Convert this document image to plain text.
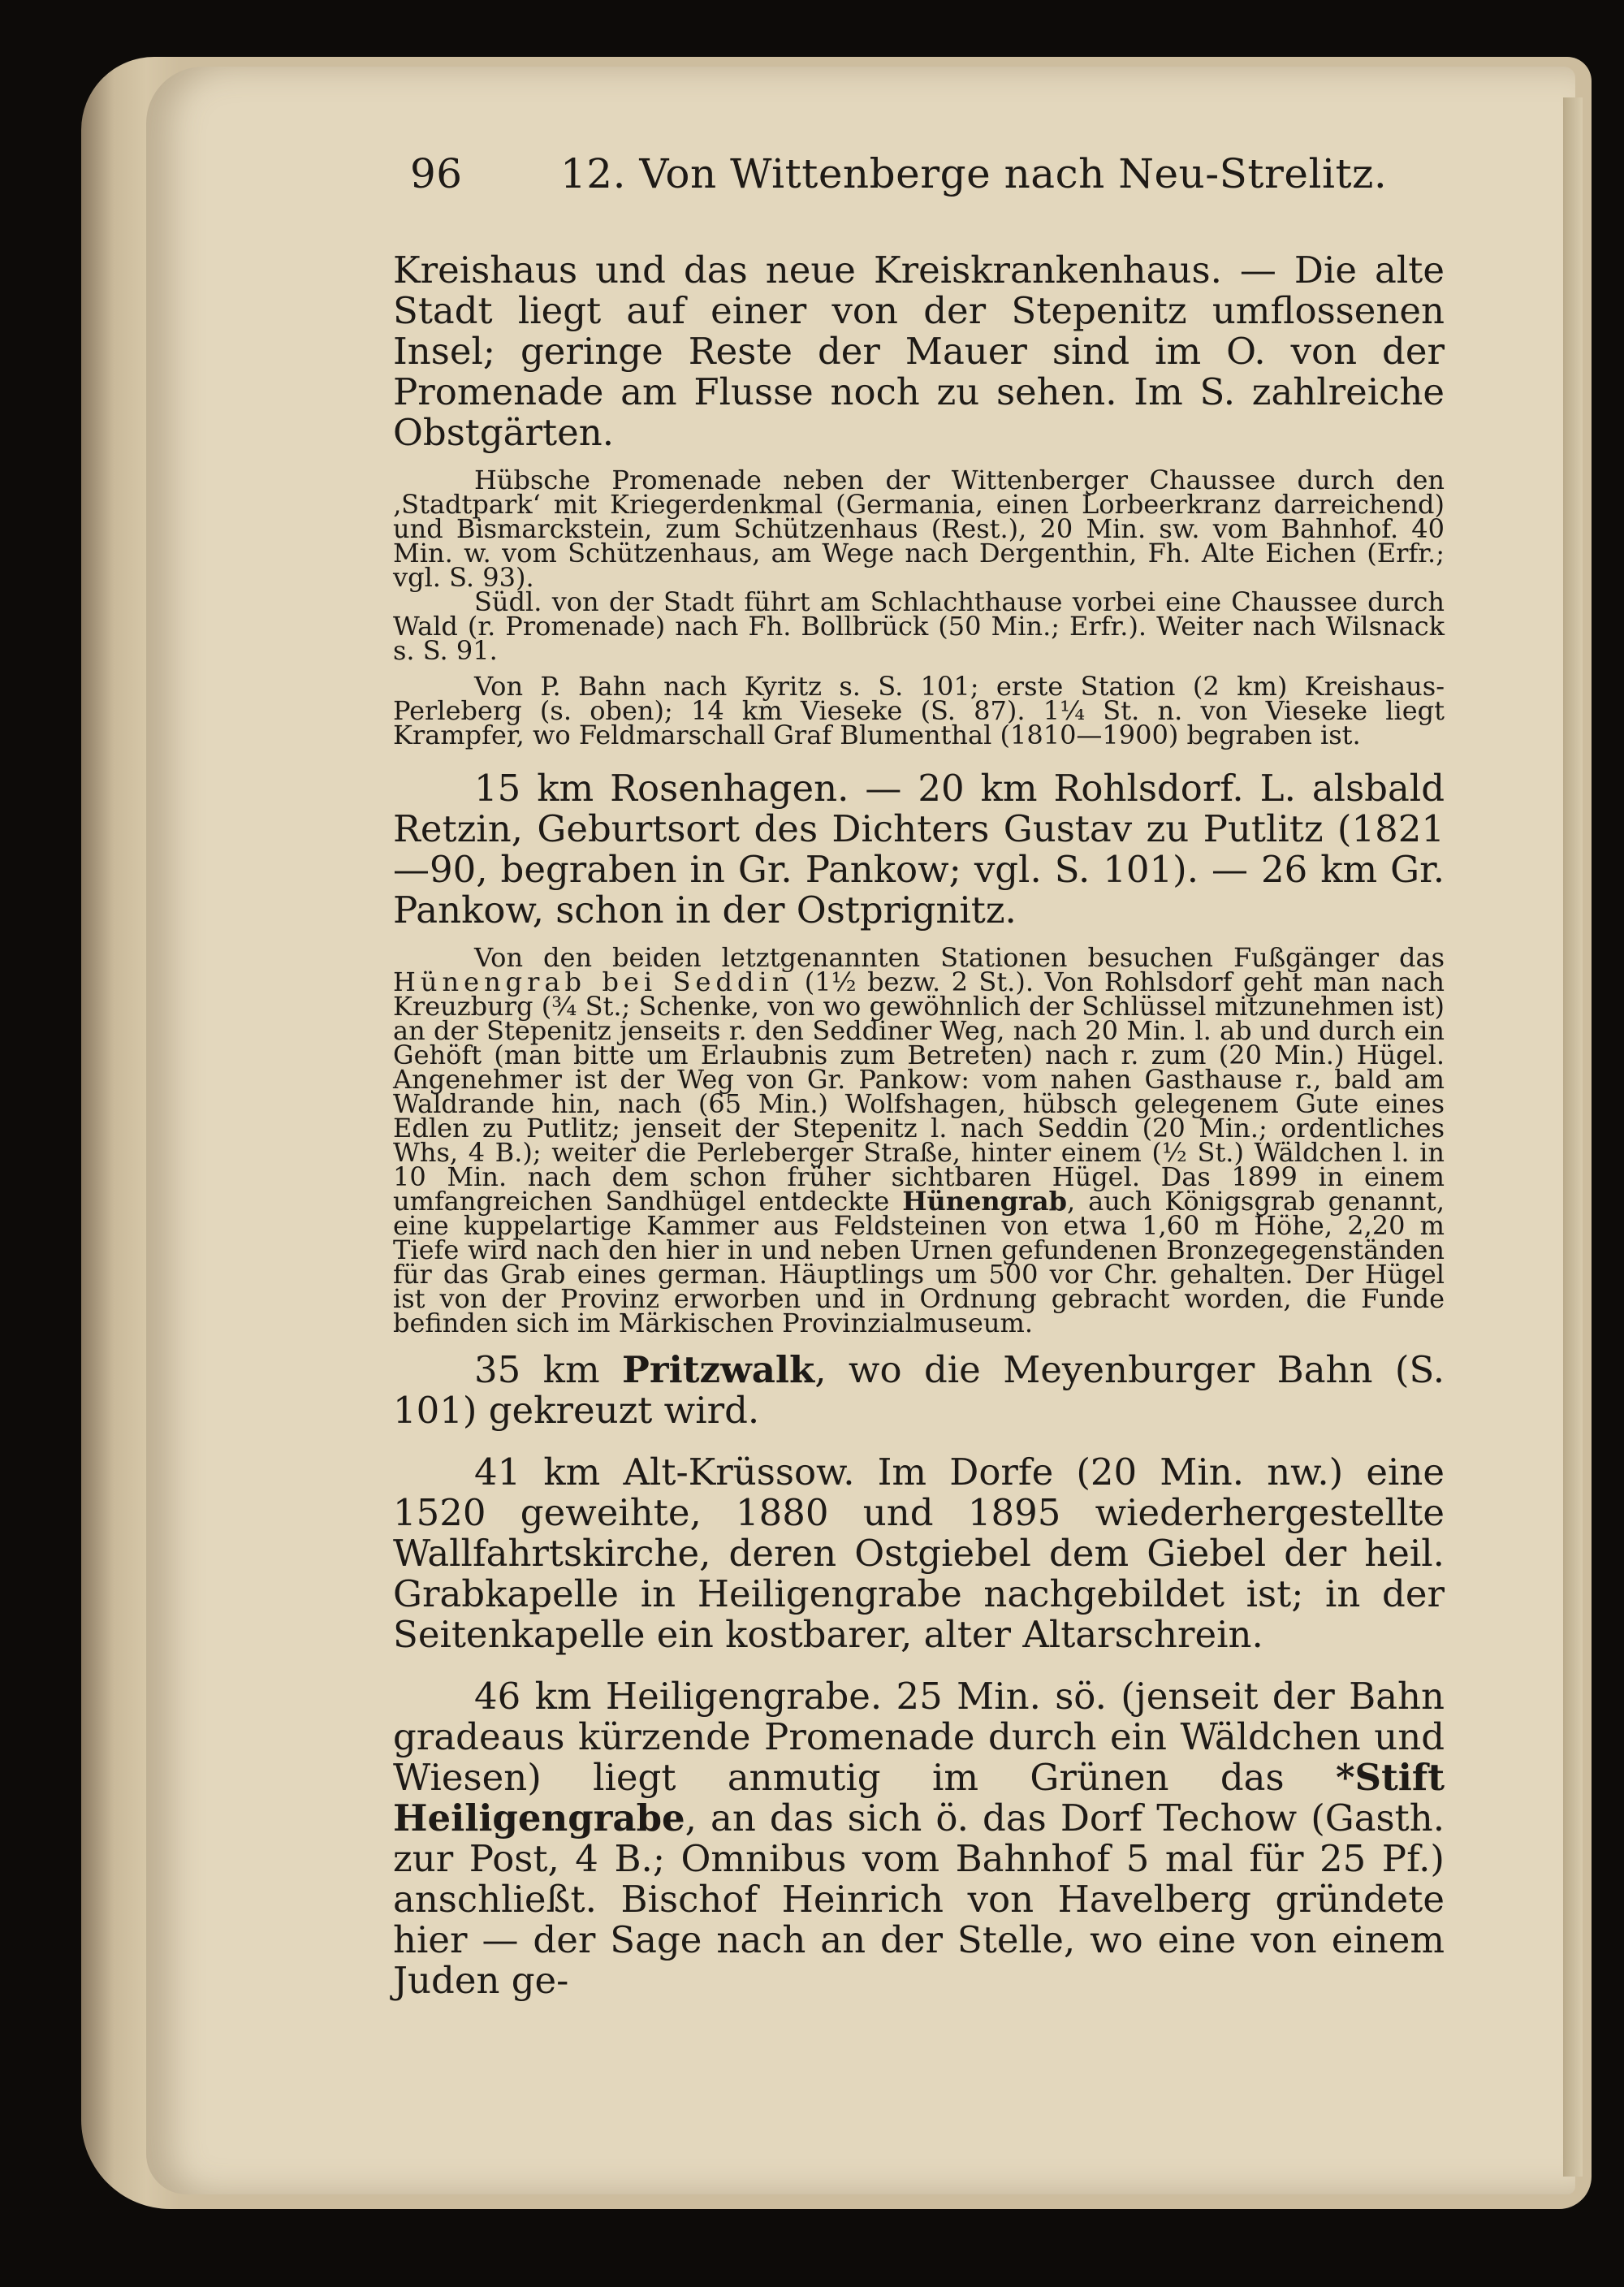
96 12. Von Wittenberge nach Neu-Strelitz.

Kreishaus und das neue Kreiskrankenhaus. — Die alte Stadt liegt auf einer von der Stepenitz umflossenen Insel; geringe Reste der Mauer sind im O. von der Promenade am Flusse noch zu sehen. Im S. zahlreiche Obstgärten.

Hübsche Promenade neben der Wittenberger Chaussee durch den ‚Stadtpark‘ mit Kriegerdenkmal (Germania, einen Lorbeerkranz darreichend) und Bismarckstein, zum Schützenhaus (Rest.), 20 Min. sw. vom Bahnhof. 40 Min. w. vom Schützenhaus, am Wege nach Dergenthin, Fh. Alte Eichen (Erfr.; vgl. S. 93).

Südl. von der Stadt führt am Schlachthause vorbei eine Chaussee durch Wald (r. Promenade) nach Fh. Bollbrück (50 Min.; Erfr.). Weiter nach Wilsnack s. S. 91.

Von P. Bahn nach Kyritz s. S. 101; erste Station (2 km) Kreishaus-Perleberg (s. oben); 14 km Vieseke (S. 87). 1¼ St. n. von Vieseke liegt Krampfer, wo Feldmarschall Graf Blumenthal (1810—1900) begraben ist.

15 km Rosenhagen. — 20 km Rohlsdorf. L. alsbald Retzin, Geburtsort des Dichters Gustav zu Putlitz (1821—90, begraben in Gr. Pankow; vgl. S. 101). — 26 km Gr. Pankow, schon in der Ostprignitz.

Von den beiden letztgenannten Stationen besuchen Fußgänger das Hünengrab bei Seddin (1½ bezw. 2 St.). Von Rohlsdorf geht man nach Kreuzburg (¾ St.; Schenke, von wo gewöhnlich der Schlüssel mitzunehmen ist) an der Stepenitz jenseits r. den Seddiner Weg, nach 20 Min. l. ab und durch ein Gehöft (man bitte um Erlaubnis zum Betreten) nach r. zum (20 Min.) Hügel. Angenehmer ist der Weg von Gr. Pankow: vom nahen Gasthause r., bald am Waldrande hin, nach (65 Min.) Wolfshagen, hübsch gelegenem Gute eines Edlen zu Putlitz; jenseit der Stepenitz l. nach Seddin (20 Min.; ordentliches Whs, 4 B.); weiter die Perleberger Straße, hinter einem (½ St.) Wäldchen l. in 10 Min. nach dem schon früher sichtbaren Hügel. Das 1899 in einem umfangreichen Sandhügel entdeckte Hünengrab, auch Königsgrab genannt, eine kuppelartige Kammer aus Feldsteinen von etwa 1,60 m Höhe, 2,20 m Tiefe wird nach den hier in und neben Urnen gefundenen Bronzegegenständen für das Grab eines german. Häuptlings um 500 vor Chr. gehalten. Der Hügel ist von der Provinz erworben und in Ordnung gebracht worden, die Funde befinden sich im Märkischen Provinzialmuseum.

35 km Pritzwalk, wo die Meyenburger Bahn (S. 101) gekreuzt wird.

41 km Alt-Krüssow. Im Dorfe (20 Min. nw.) eine 1520 geweihte, 1880 und 1895 wiederhergestellte Wallfahrtskirche, deren Ostgiebel dem Giebel der heil. Grabkapelle in Heiligengrabe nachgebildet ist; in der Seitenkapelle ein kostbarer, alter Altarschrein.

46 km Heiligengrabe. 25 Min. sö. (jenseit der Bahn gradeaus kürzende Promenade durch ein Wäldchen und Wiesen) liegt anmutig im Grünen das *Stift Heiligengrabe, an das sich ö. das Dorf Techow (Gasth. zur Post, 4 B.; Omnibus vom Bahnhof 5 mal für 25 Pf.) anschließt. Bischof Heinrich von Havelberg gründete hier — der Sage nach an der Stelle, wo eine von einem Juden ge-
